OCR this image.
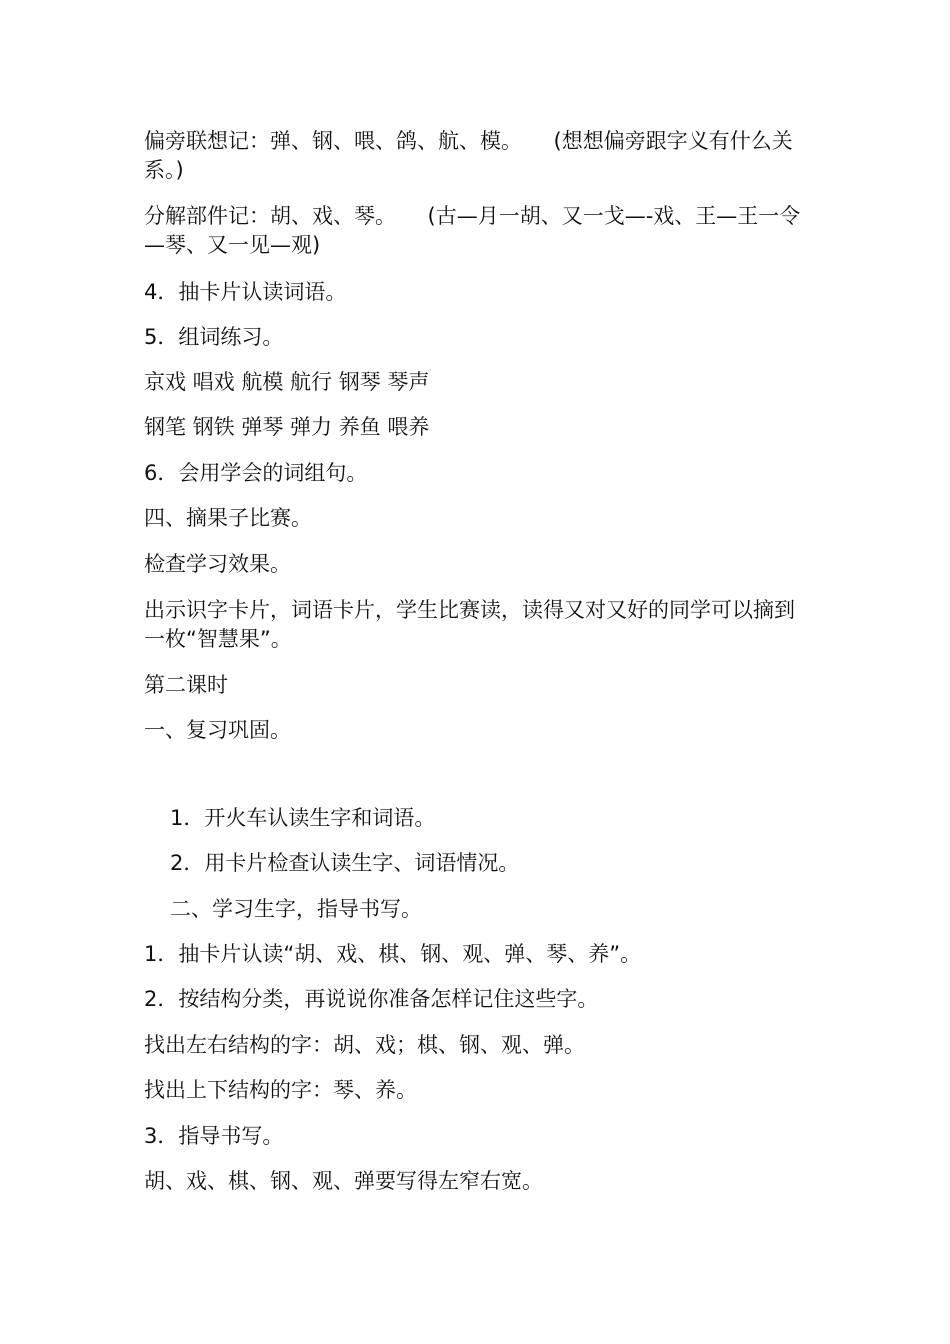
偏旁联想记：弹、钢、喂、鸽、航、模。　　(想想偏旁跟字义有什么关系。)
分解部件记：胡、戏、琴。　　(古—月一胡、又一戈—-戏、王—王一令—琴、又一见—观)
4．抽卡片认读词语。
5．组词练习。
京戏 唱戏 航模 航行 钢琴 琴声
钢笔 钢铁 弹琴 弹力 养鱼 喂养
6．会用学会的词组句。
四、摘果子比赛。
检查学习效果。
出示识字卡片，词语卡片，学生比赛读，读得又对又好的同学可以摘到一枚“智慧果”。
第二课时
一、复习巩固。
1．开火车认读生字和词语。
2．用卡片检查认读生字、词语情况。
二、学习生字，指导书写。
1．抽卡片认读“胡、戏、棋、钢、观、弹、琴、养”。
2．按结构分类，再说说你准备怎样记住这些字。
找出左右结构的字：胡、戏；棋、钢、观、弹。
找出上下结构的字：琴、养。
3．指导书写。
胡、戏、棋、钢、观、弹要写得左窄右宽。
